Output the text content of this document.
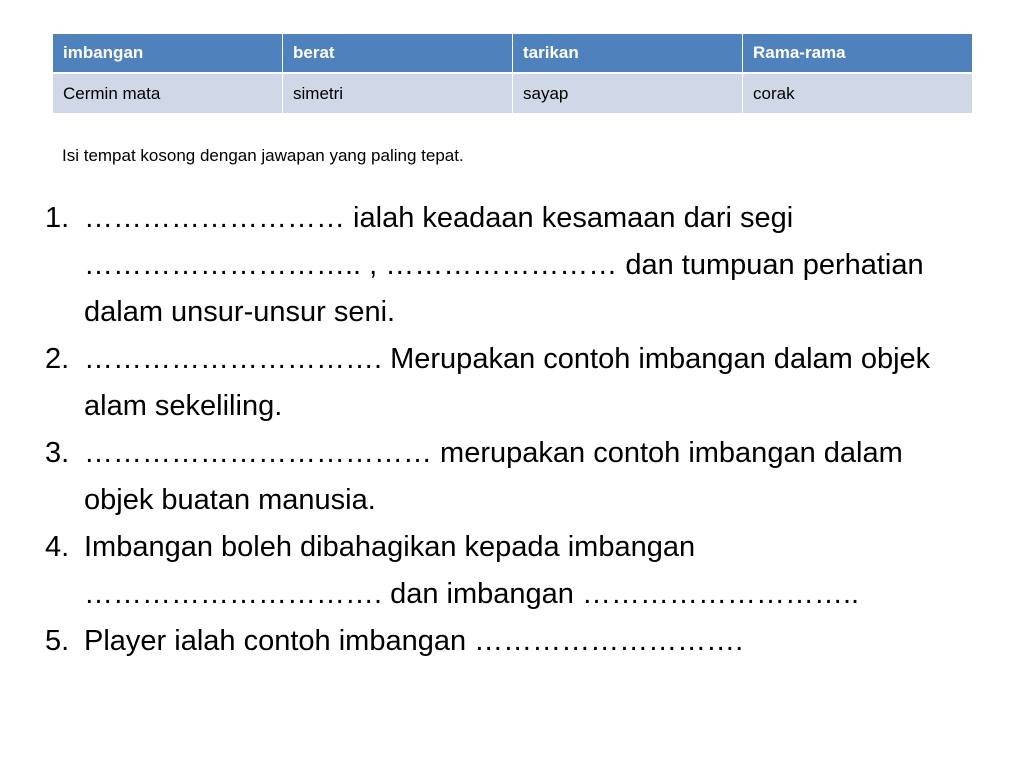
imbangan	berat	tarikan	Rama-rama
Cermin mata	simetri	sayap	corak
Isi tempat kosong dengan jawapan yang paling tepat.
1. ……………………… ialah keadaan kesamaan dari segi ……………………….. , …………………… dan tumpuan perhatian dalam unsur-unsur seni.
2. …………………………. Merupakan contoh imbangan dalam objek alam sekeliling.
3. ……………………………… merupakan contoh imbangan dalam objek buatan manusia.
4. Imbangan boleh dibahagikan kepada imbangan …………………………. dan imbangan ………………………..
5. Player ialah contoh imbangan ……………………….
